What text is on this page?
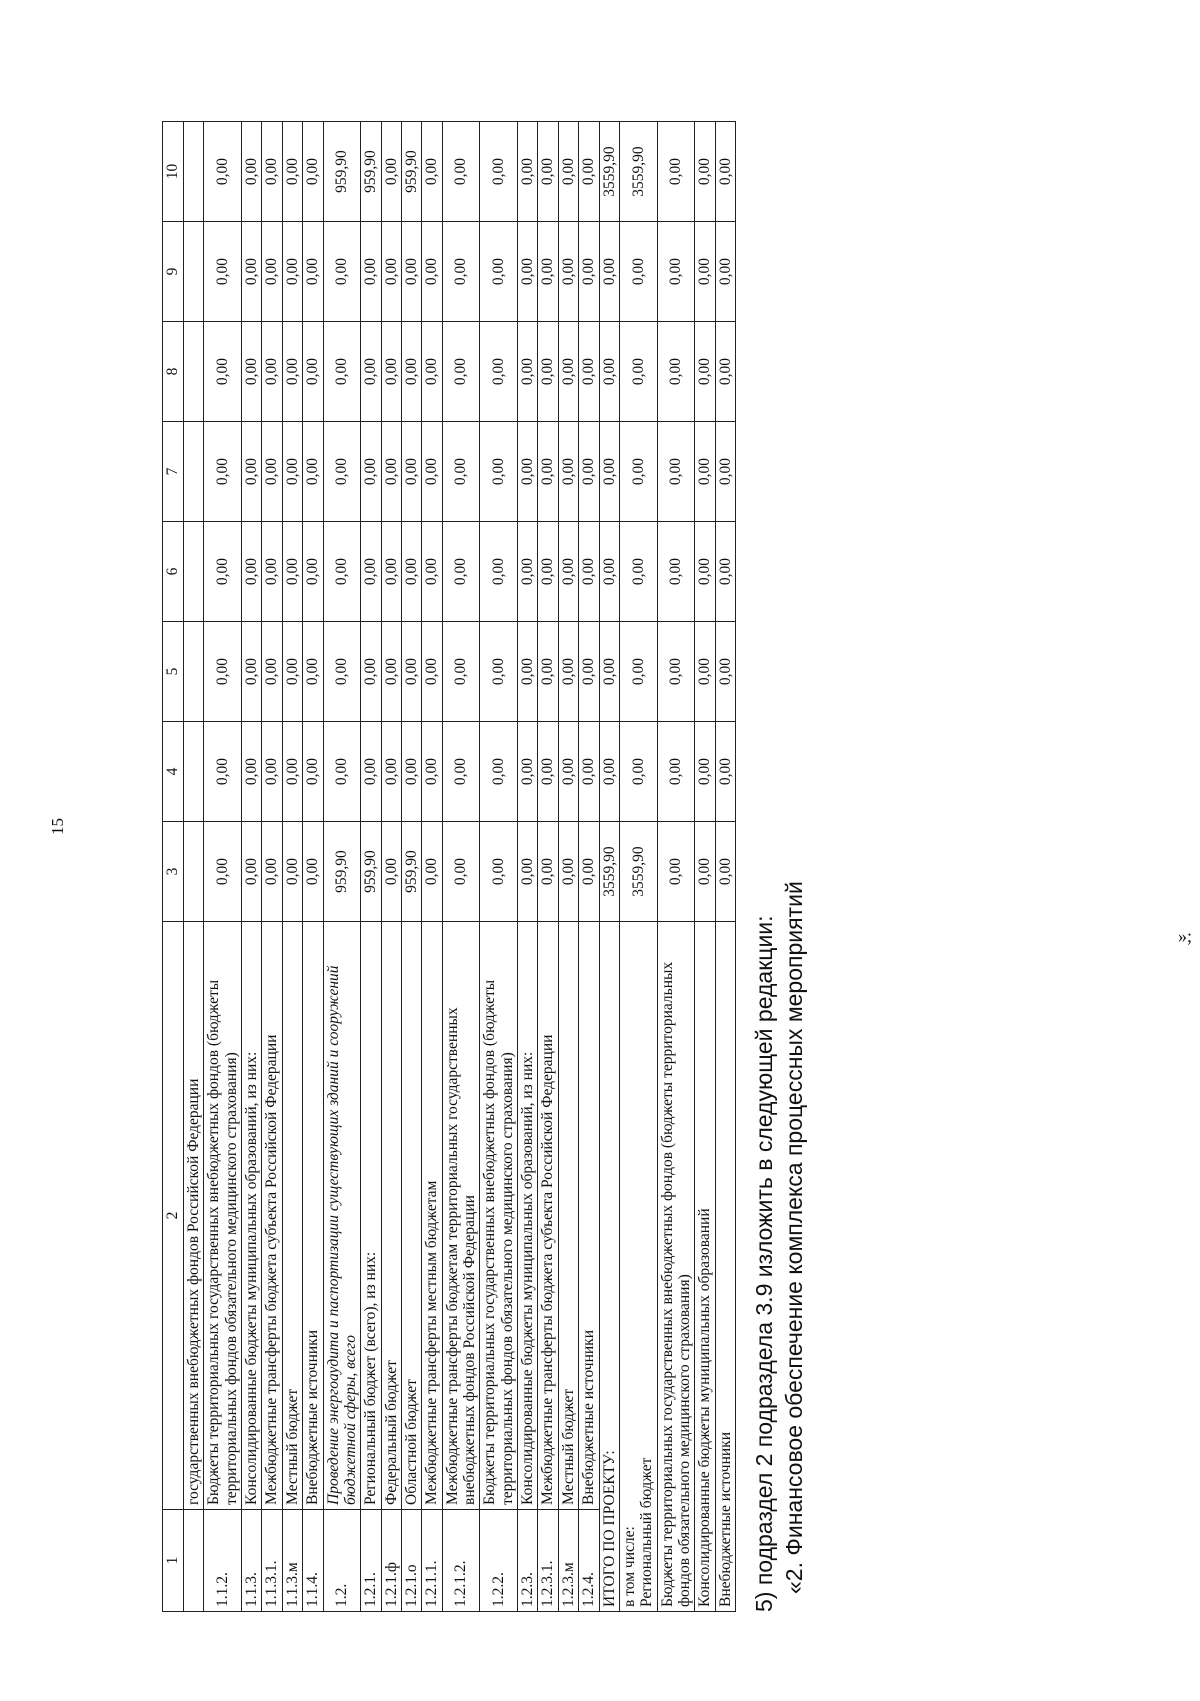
15
1	2	3	4	5	6	7	8	9	10
	государственных внебюджетных фондов Российской Федерации								
1.1.2.	Бюджеты территориальных государственных внебюджетных фондов (бюджеты территориальных фондов обязательного медицинского страхования)	0,00	0,00	0,00	0,00	0,00	0,00	0,00	0,00
1.1.3.	Консолидированные бюджеты муниципальных образований, из них:	0,00	0,00	0,00	0,00	0,00	0,00	0,00	0,00
1.1.3.1.	Межбюджетные трансферты бюджета субъекта Российской Федерации	0,00	0,00	0,00	0,00	0,00	0,00	0,00	0,00
1.1.3.м	Местный бюджет	0,00	0,00	0,00	0,00	0,00	0,00	0,00	0,00
1.1.4.	Внебюджетные источники	0,00	0,00	0,00	0,00	0,00	0,00	0,00	0,00
1.2.	Проведение энергоаудита и паспортизации существующих зданий и сооружений бюджетной сферы, всего	959,90	0,00	0,00	0,00	0,00	0,00	0,00	959,90
1.2.1.	Региональный бюджет (всего), из них:	959,90	0,00	0,00	0,00	0,00	0,00	0,00	959,90
1.2.1.ф	Федеральный бюджет	0,00	0,00	0,00	0,00	0,00	0,00	0,00	0,00
1.2.1.о	Областной бюджет	959,90	0,00	0,00	0,00	0,00	0,00	0,00	959,90
1.2.1.1.	Межбюджетные трансферты местным бюджетам	0,00	0,00	0,00	0,00	0,00	0,00	0,00	0,00
1.2.1.2.	Межбюджетные трансферты бюджетам территориальных государственных внебюджетных фондов Российской Федерации	0,00	0,00	0,00	0,00	0,00	0,00	0,00	0,00
1.2.2.	Бюджеты территориальных государственных внебюджетных фондов (бюджеты территориальных фондов обязательного медицинского страхования)	0,00	0,00	0,00	0,00	0,00	0,00	0,00	0,00
1.2.3.	Консолидированные бюджеты муниципальных образований, из них:	0,00	0,00	0,00	0,00	0,00	0,00	0,00	0,00
1.2.3.1.	Межбюджетные трансферты бюджета субъекта Российской Федерации	0,00	0,00	0,00	0,00	0,00	0,00	0,00	0,00
1.2.3.м	Местный бюджет	0,00	0,00	0,00	0,00	0,00	0,00	0,00	0,00
1.2.4.	Внебюджетные источники	0,00	0,00	0,00	0,00	0,00	0,00	0,00	0,00
ИТОГО ПО ПРОЕКТУ:		3559,90	0,00	0,00	0,00	0,00	0,00	0,00	3559,90
в том числе:
Региональный бюджет		3559,90	0,00	0,00	0,00	0,00	0,00	0,00	3559,90
Бюджеты территориальных государственных внебюджетных фондов (бюджеты территориальных фондов обязательного медицинского страхования)		0,00	0,00	0,00	0,00	0,00	0,00	0,00	0,00
Консолидированные бюджеты муниципальных образований		0,00	0,00	0,00	0,00	0,00	0,00	0,00	0,00
Внебюджетные источники		0,00	0,00	0,00	0,00	0,00	0,00	0,00	0,00
5) подраздел 2 подраздела 3.9 изложить в следующей редакции: «2. Финансовое обеспечение комплекса процессных мероприятий	»;
